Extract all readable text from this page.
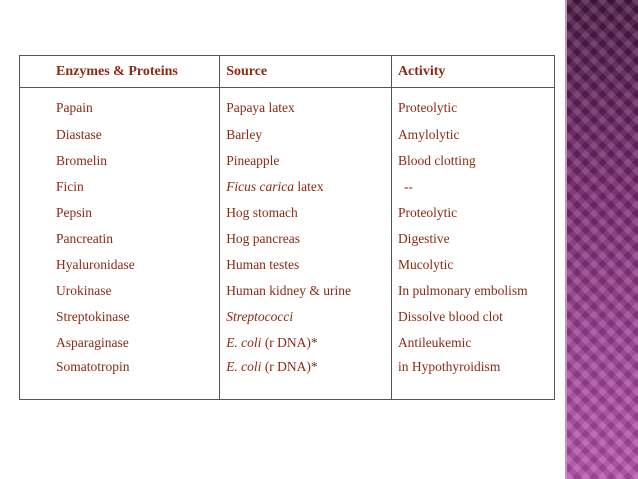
Enzymes & Proteins	Source	Activity
Papain	Papaya latex	Proteolytic
Diastase	Barley	Amylolytic
Bromelin	Pineapple	Blood clotting
Ficin	Ficus carica latex	--
Pepsin	Hog stomach	Proteolytic
Pancreatin	Hog pancreas	Digestive
Hyaluronidase	Human testes	Mucolytic
Urokinase	Human kidney & urine	In pulmonary embolism
Streptokinase	Streptococci	Dissolve blood clot
Asparaginase	E. coli (r DNA)*	Antileukemic
Somatotropin	E. coli (r DNA)*	in Hypothyroidism
